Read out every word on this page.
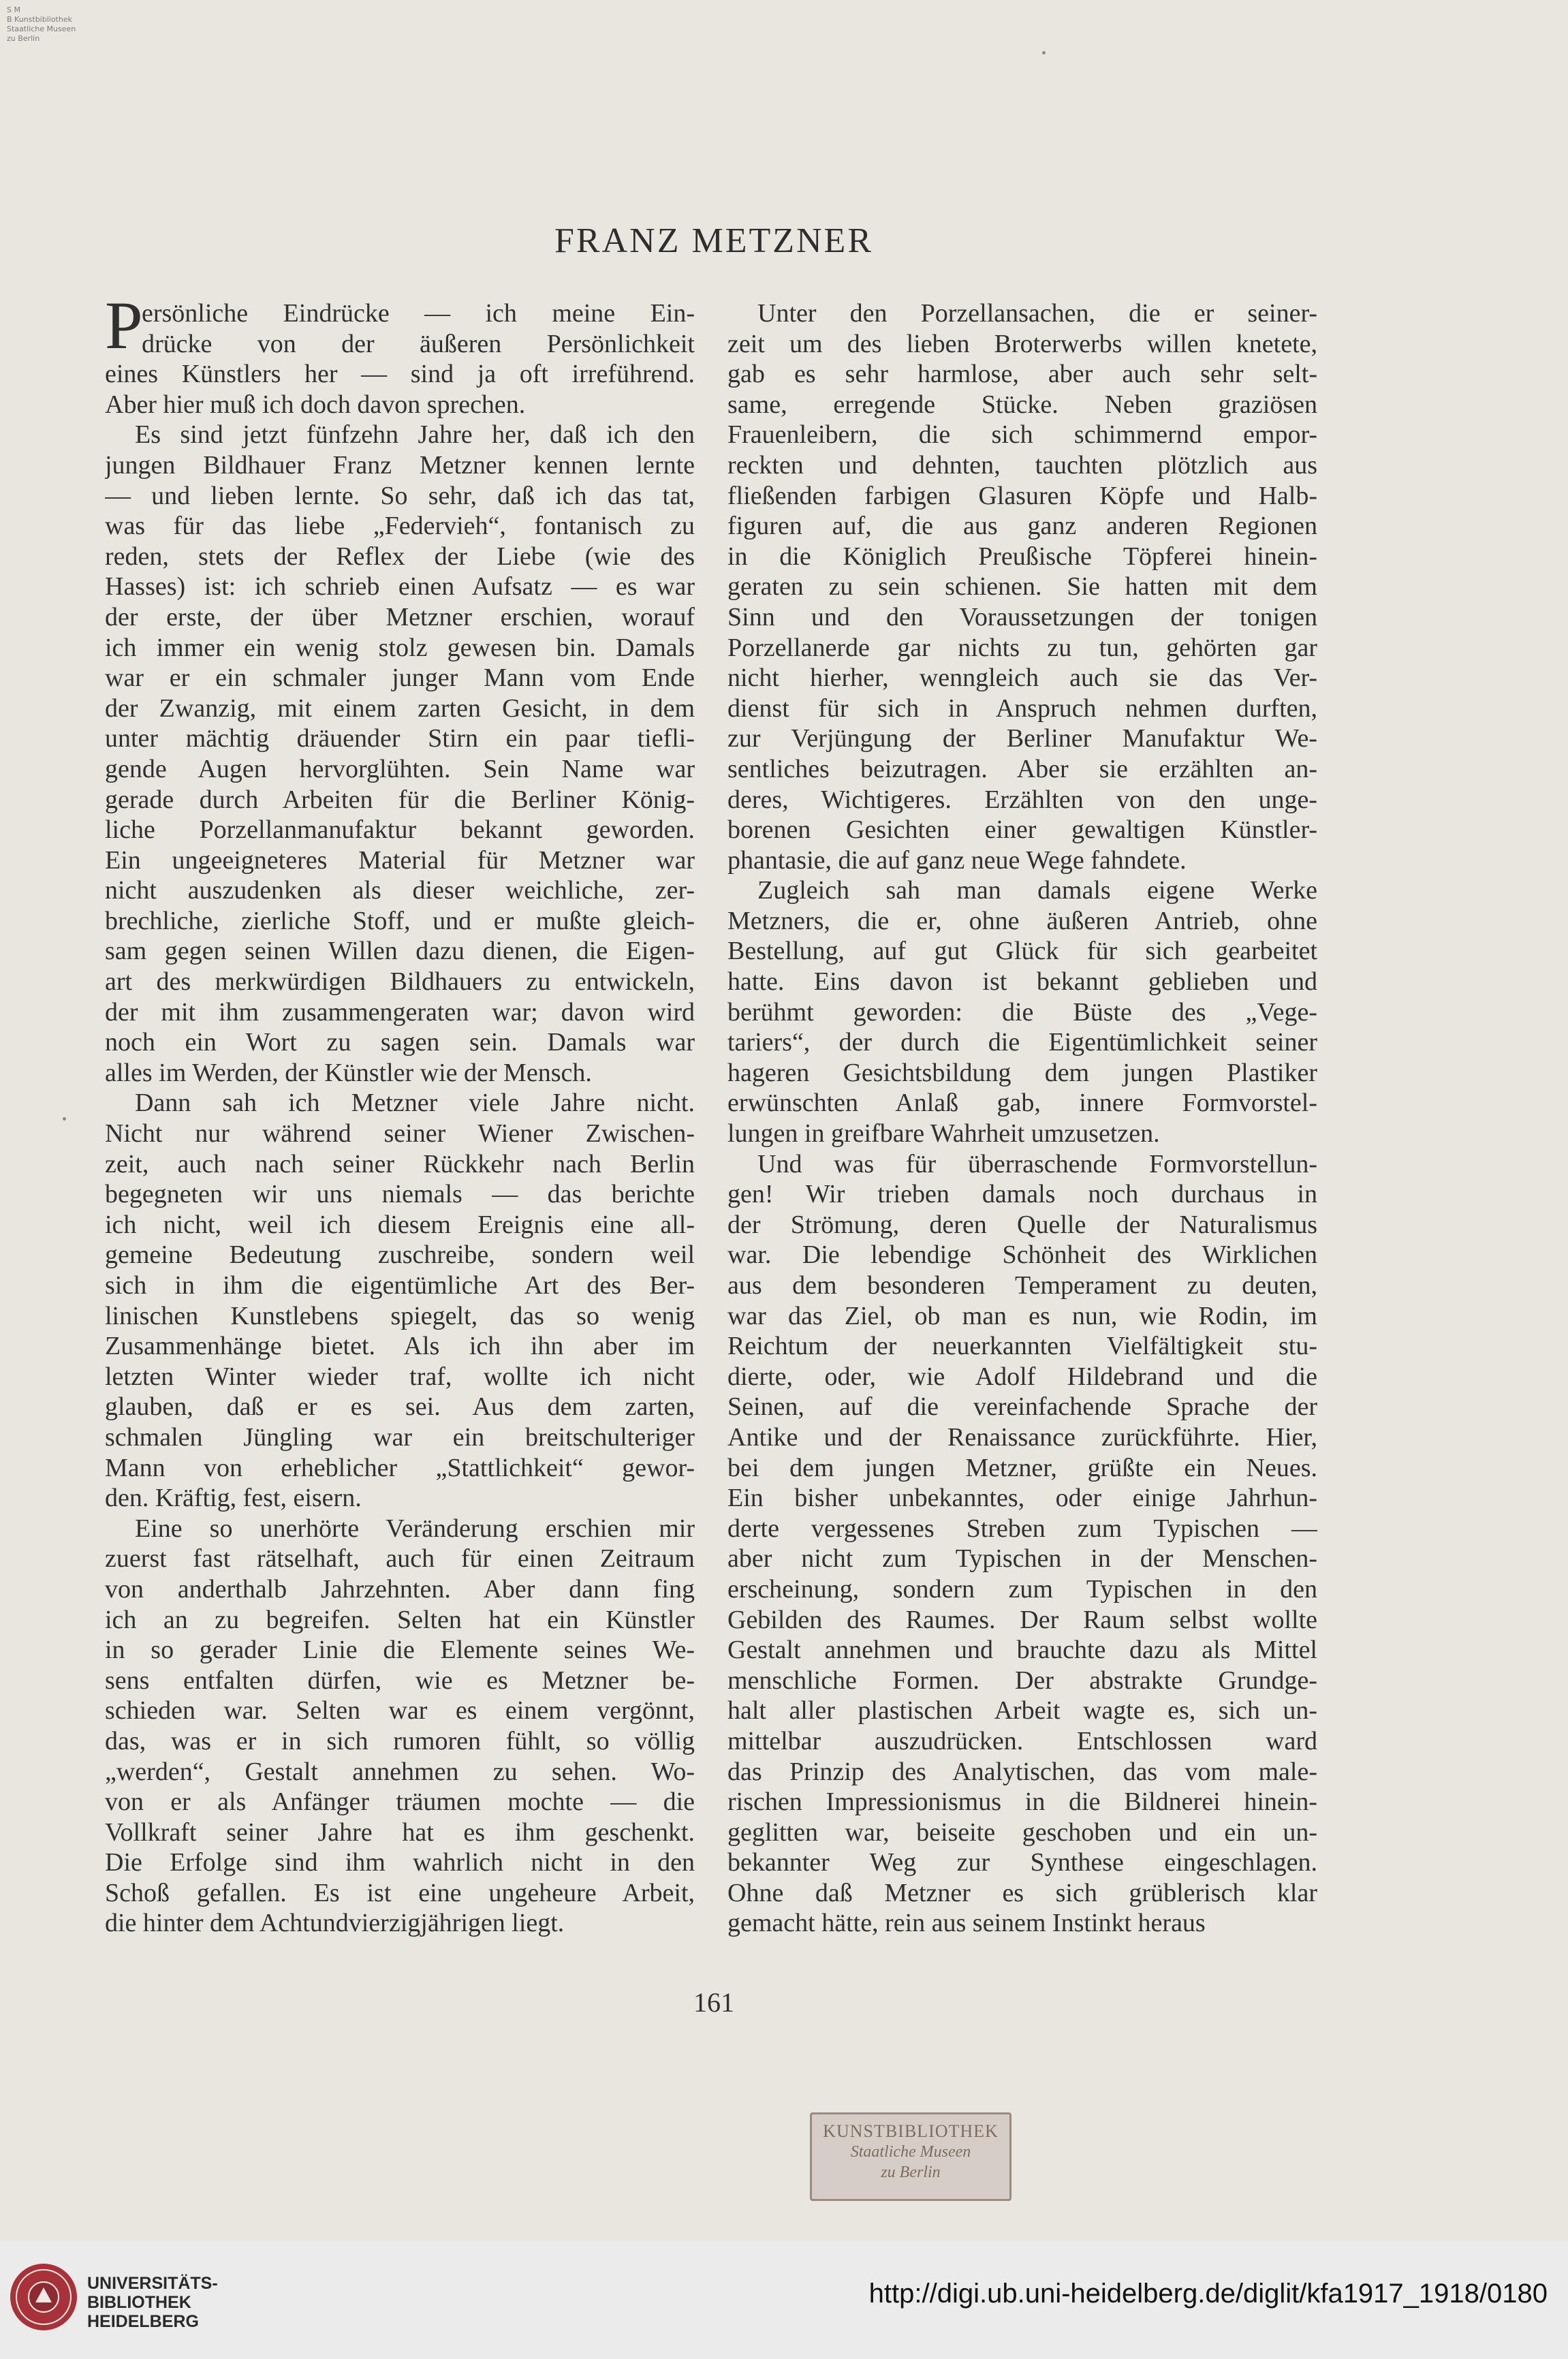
S M
B Kunstbibliothek
Staatliche Museen
zu Berlin
FRANZ METZNER
P
ersönliche Eindrücke — ich meine Ein-
drücke von der äußeren Persönlichkeit
eines Künstlers her — sind ja oft irreführend.
Aber hier muß ich doch davon sprechen.
Es sind jetzt fünfzehn Jahre her, daß ich den
jungen Bildhauer Franz Metzner kennen lernte
— und lieben lernte. So sehr, daß ich das tat,
was für das liebe „Federvieh“, fontanisch zu
reden, stets der Reflex der Liebe (wie des
Hasses) ist: ich schrieb einen Aufsatz — es war
der erste, der über Metzner erschien, worauf
ich immer ein wenig stolz gewesen bin. Damals
war er ein schmaler junger Mann vom Ende
der Zwanzig, mit einem zarten Gesicht, in dem
unter mächtig dräuender Stirn ein paar tiefli-
gende Augen hervorglühten. Sein Name war
gerade durch Arbeiten für die Berliner König-
liche Porzellanmanufaktur bekannt geworden.
Ein ungeeigneteres Material für Metzner war
nicht auszudenken als dieser weichliche, zer-
brechliche, zierliche Stoff, und er mußte gleich-
sam gegen seinen Willen dazu dienen, die Eigen-
art des merkwürdigen Bildhauers zu entwickeln,
der mit ihm zusammengeraten war; davon wird
noch ein Wort zu sagen sein. Damals war
alles im Werden, der Künstler wie der Mensch.
Dann sah ich Metzner viele Jahre nicht.
Nicht nur während seiner Wiener Zwischen-
zeit, auch nach seiner Rückkehr nach Berlin
begegneten wir uns niemals — das berichte
ich nicht, weil ich diesem Ereignis eine all-
gemeine Bedeutung zuschreibe, sondern weil
sich in ihm die eigentümliche Art des Ber-
linischen Kunstlebens spiegelt, das so wenig
Zusammenhänge bietet. Als ich ihn aber im
letzten Winter wieder traf, wollte ich nicht
glauben, daß er es sei. Aus dem zarten,
schmalen Jüngling war ein breitschulteriger
Mann von erheblicher „Stattlichkeit“ gewor-
den. Kräftig, fest, eisern.
Eine so unerhörte Veränderung erschien mir
zuerst fast rätselhaft, auch für einen Zeitraum
von anderthalb Jahrzehnten. Aber dann fing
ich an zu begreifen. Selten hat ein Künstler
in so gerader Linie die Elemente seines We-
sens entfalten dürfen, wie es Metzner be-
schieden war. Selten war es einem vergönnt,
das, was er in sich rumoren fühlt, so völlig
„werden“, Gestalt annehmen zu sehen. Wo-
von er als Anfänger träumen mochte — die
Vollkraft seiner Jahre hat es ihm geschenkt.
Die Erfolge sind ihm wahrlich nicht in den
Schoß gefallen. Es ist eine ungeheure Arbeit,
die hinter dem Achtundvierzigjährigen liegt.
Unter den Porzellansachen, die er seiner-
zeit um des lieben Broterwerbs willen knetete,
gab es sehr harmlose, aber auch sehr selt-
same, erregende Stücke. Neben graziösen
Frauenleibern, die sich schimmernd empor-
reckten und dehnten, tauchten plötzlich aus
fließenden farbigen Glasuren Köpfe und Halb-
figuren auf, die aus ganz anderen Regionen
in die Königlich Preußische Töpferei hinein-
geraten zu sein schienen. Sie hatten mit dem
Sinn und den Voraussetzungen der tonigen
Porzellanerde gar nichts zu tun, gehörten gar
nicht hierher, wenngleich auch sie das Ver-
dienst für sich in Anspruch nehmen durften,
zur Verjüngung der Berliner Manufaktur We-
sentliches beizutragen. Aber sie erzählten an-
deres, Wichtigeres. Erzählten von den unge-
borenen Gesichten einer gewaltigen Künstler-
phantasie, die auf ganz neue Wege fahndete.
Zugleich sah man damals eigene Werke
Metzners, die er, ohne äußeren Antrieb, ohne
Bestellung, auf gut Glück für sich gearbeitet
hatte. Eins davon ist bekannt geblieben und
berühmt geworden: die Büste des „Vege-
tariers“, der durch die Eigentümlichkeit seiner
hageren Gesichtsbildung dem jungen Plastiker
erwünschten Anlaß gab, innere Formvorstel-
lungen in greifbare Wahrheit umzusetzen.
Und was für überraschende Formvorstellun-
gen! Wir trieben damals noch durchaus in
der Strömung, deren Quelle der Naturalismus
war. Die lebendige Schönheit des Wirklichen
aus dem besonderen Temperament zu deuten,
war das Ziel, ob man es nun, wie Rodin, im
Reichtum der neuerkannten Vielfältigkeit stu-
dierte, oder, wie Adolf Hildebrand und die
Seinen, auf die vereinfachende Sprache der
Antike und der Renaissance zurückführte. Hier,
bei dem jungen Metzner, grüßte ein Neues.
Ein bisher unbekanntes, oder einige Jahrhun-
derte vergessenes Streben zum Typischen —
aber nicht zum Typischen in der Menschen-
erscheinung, sondern zum Typischen in den
Gebilden des Raumes. Der Raum selbst wollte
Gestalt annehmen und brauchte dazu als Mittel
menschliche Formen. Der abstrakte Grundge-
halt aller plastischen Arbeit wagte es, sich un-
mittelbar auszudrücken. Entschlossen ward
das Prinzip des Analytischen, das vom male-
rischen Impressionismus in die Bildnerei hinein-
geglitten war, beiseite geschoben und ein un-
bekannter Weg zur Synthese eingeschlagen.
Ohne daß Metzner es sich grüblerisch klar
gemacht hätte, rein aus seinem Instinkt heraus
161
KUNSTBIBLIOTHEK
Staatliche Museen
zu Berlin
UNIVERSITÄTS-
BIBLIOTHEK
HEIDELBERG
http://digi.ub.uni-heidelberg.de/diglit/kfa1917_1918/0180
